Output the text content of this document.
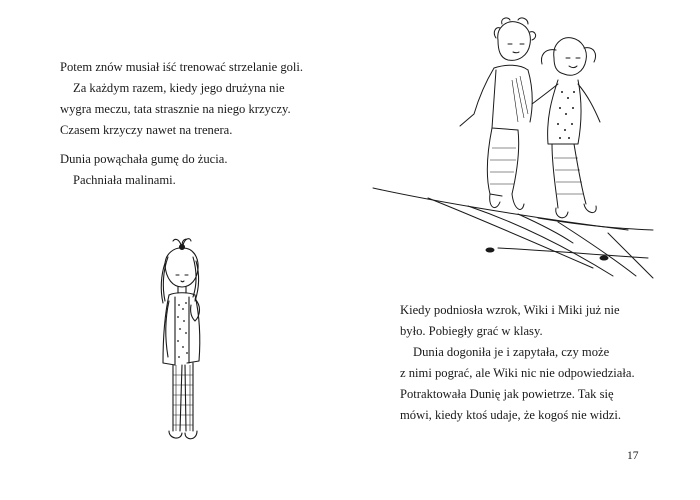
Potem znów musiał iść trenować strzelanie goli.
Za każdym razem, kiedy jego drużyna nie
wygra meczu, tata strasznie na niego krzyczy.
Czasem krzyczy nawet na trenera.
Dunia powąchała gumę do żucia.
Pachniała malinami.
Kiedy podniosła wzrok, Wiki i Miki już nie
było. Pobiegły grać w klasy.
Dunia dogoniła je i zapytała, czy może
z nimi pograć, ale Wiki nic nie odpowiedziała.
Potraktowała Dunię jak powietrze. Tak się
mówi, kiedy ktoś udaje, że kogoś nie widzi.
17
